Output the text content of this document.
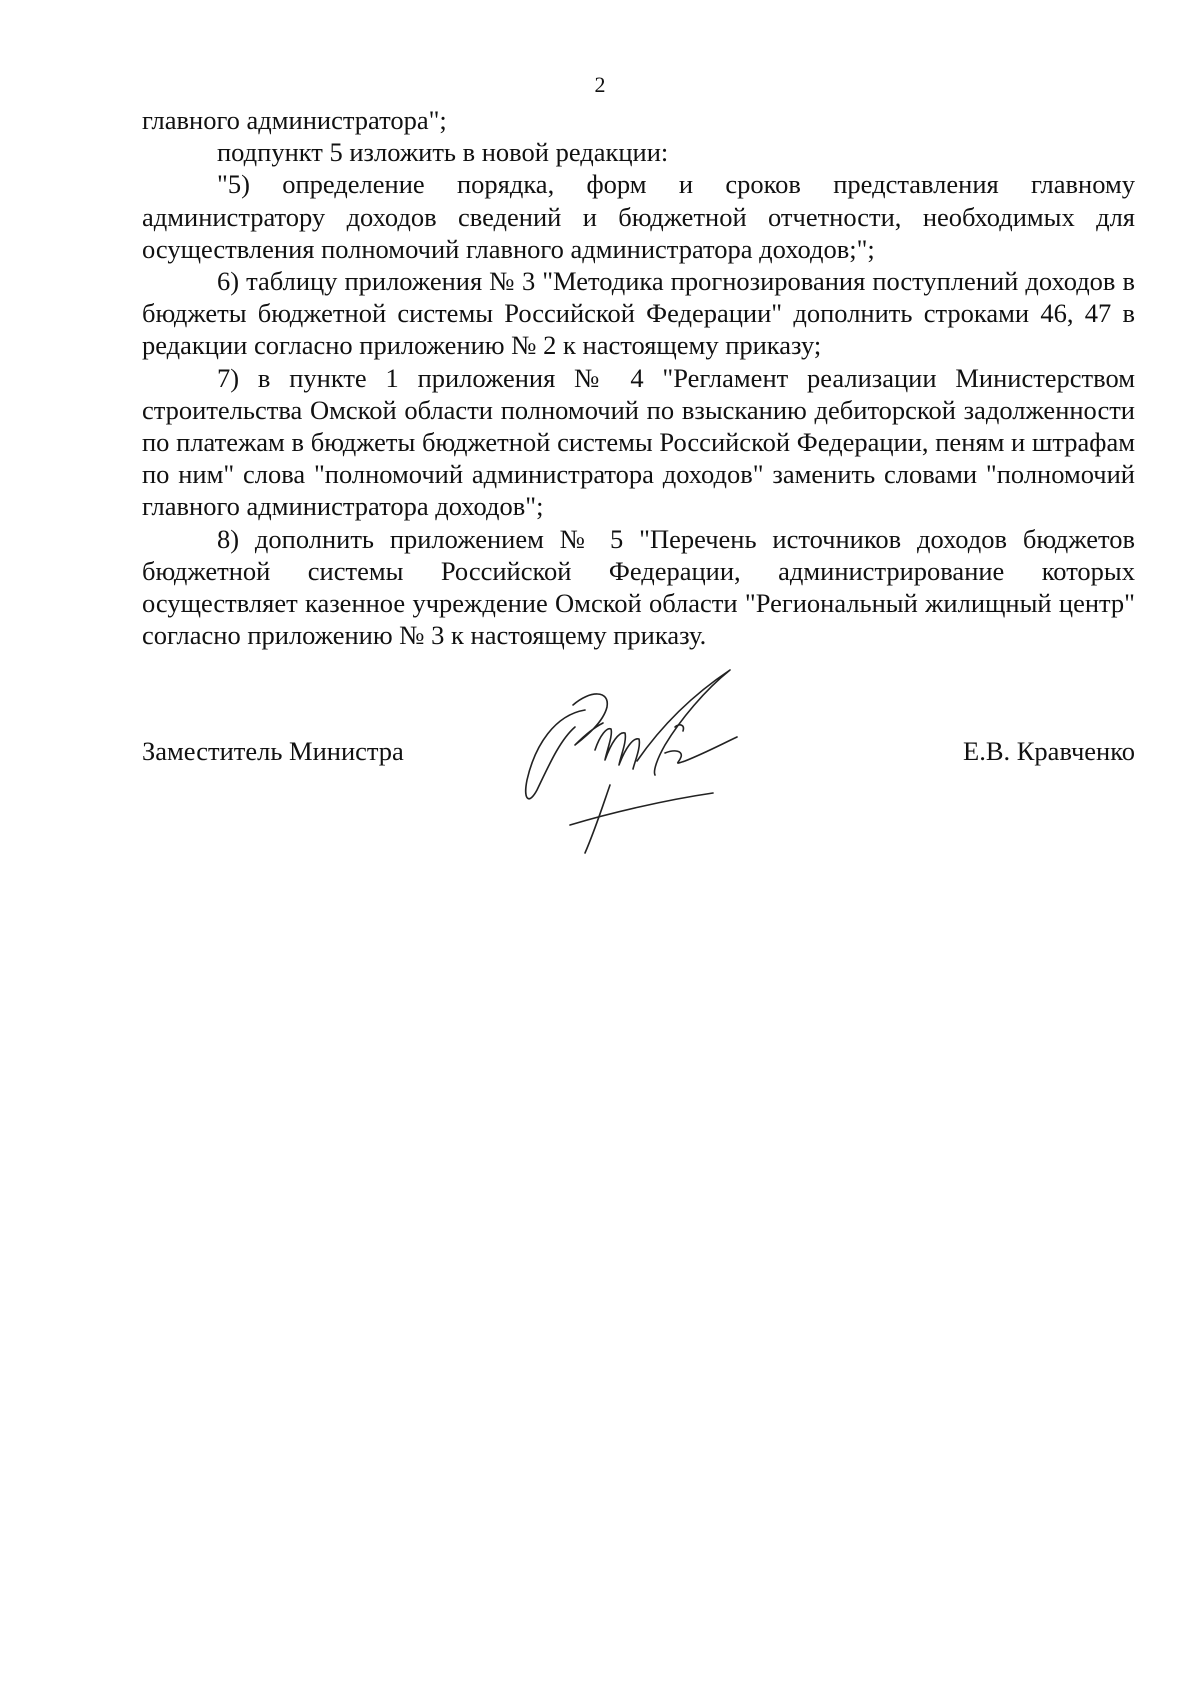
2

главного администратора";

подпункт 5 изложить в новой редакции:

"5) определение порядка, форм и сроков представления главному администратору доходов сведений и бюджетной отчетности, необходимых для осуществления полномочий главного администратора доходов;";

6) таблицу приложения № 3 "Методика прогнозирования поступлений доходов в бюджеты бюджетной системы Российской Федерации" дополнить строками 46, 47 в редакции согласно приложению № 2 к настоящему приказу;

7) в пункте 1 приложения № 4 "Регламент реализации Министерством строительства Омской области полномочий по взысканию дебиторской задолженности по платежам в бюджеты бюджетной системы Российской Федерации, пеням и штрафам по ним" слова "полномочий администратора доходов" заменить словами "полномочий главного администратора доходов";

8) дополнить приложением № 5 "Перечень источников доходов бюджетов бюджетной системы Российской Федерации, администрирование которых осуществляет казенное учреждение Омской области "Региональный жилищный центр" согласно приложению № 3 к настоящему приказу.

Заместитель Министра	Е.В. Кравченко
